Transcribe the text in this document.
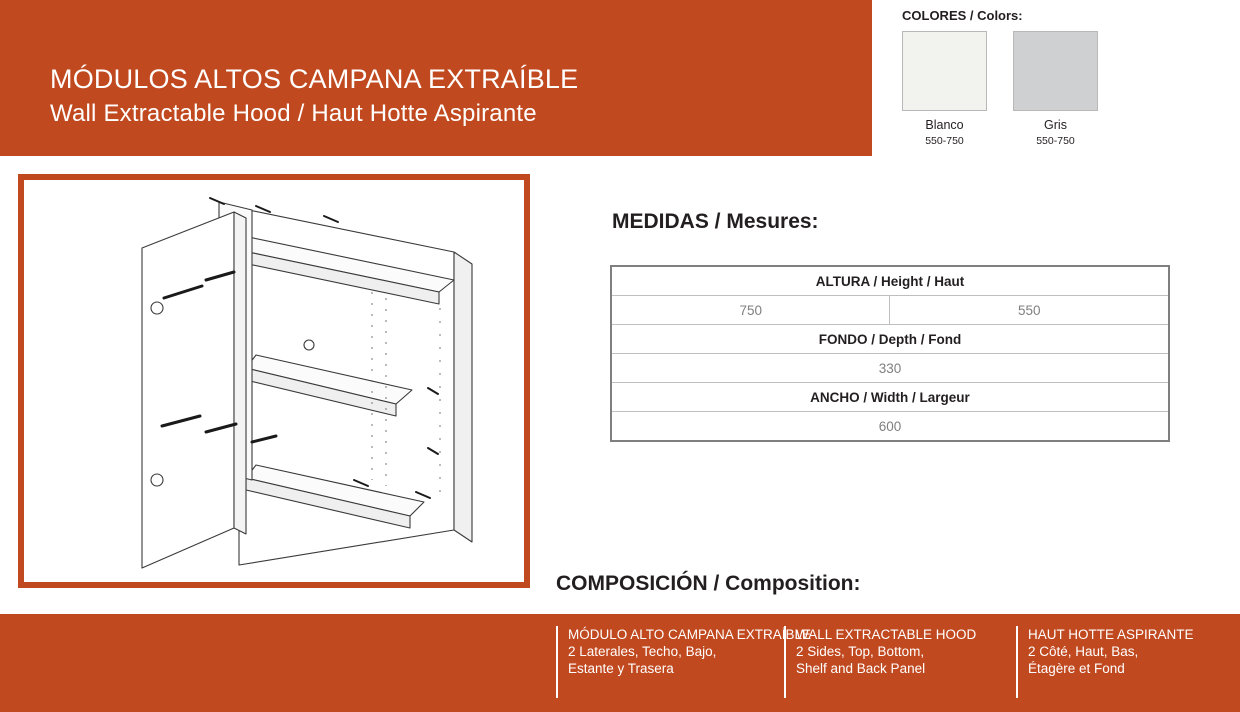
MÓDULOS ALTOS CAMPANA EXTRAÍBLE
Wall Extractable Hood / Haut Hotte Aspirante
COLORES / Colors:
Blanco
550-750
Gris
550-750
MEDIDAS / Mesures:
ALTURA / Height / Haut
750	550
FONDO / Depth / Fond
330
ANCHO / Width / Largeur
600
COMPOSICIÓN / Composition:
MÓDULO ALTO CAMPANA EXTRAÍBLE
2 Laterales, Techo, Bajo,
Estante y Trasera
WALL EXTRACTABLE HOOD
2 Sides, Top, Bottom,
Shelf and Back Panel
HAUT HOTTE ASPIRANTE
2 Côté, Haut, Bas,
Étagère et Fond
